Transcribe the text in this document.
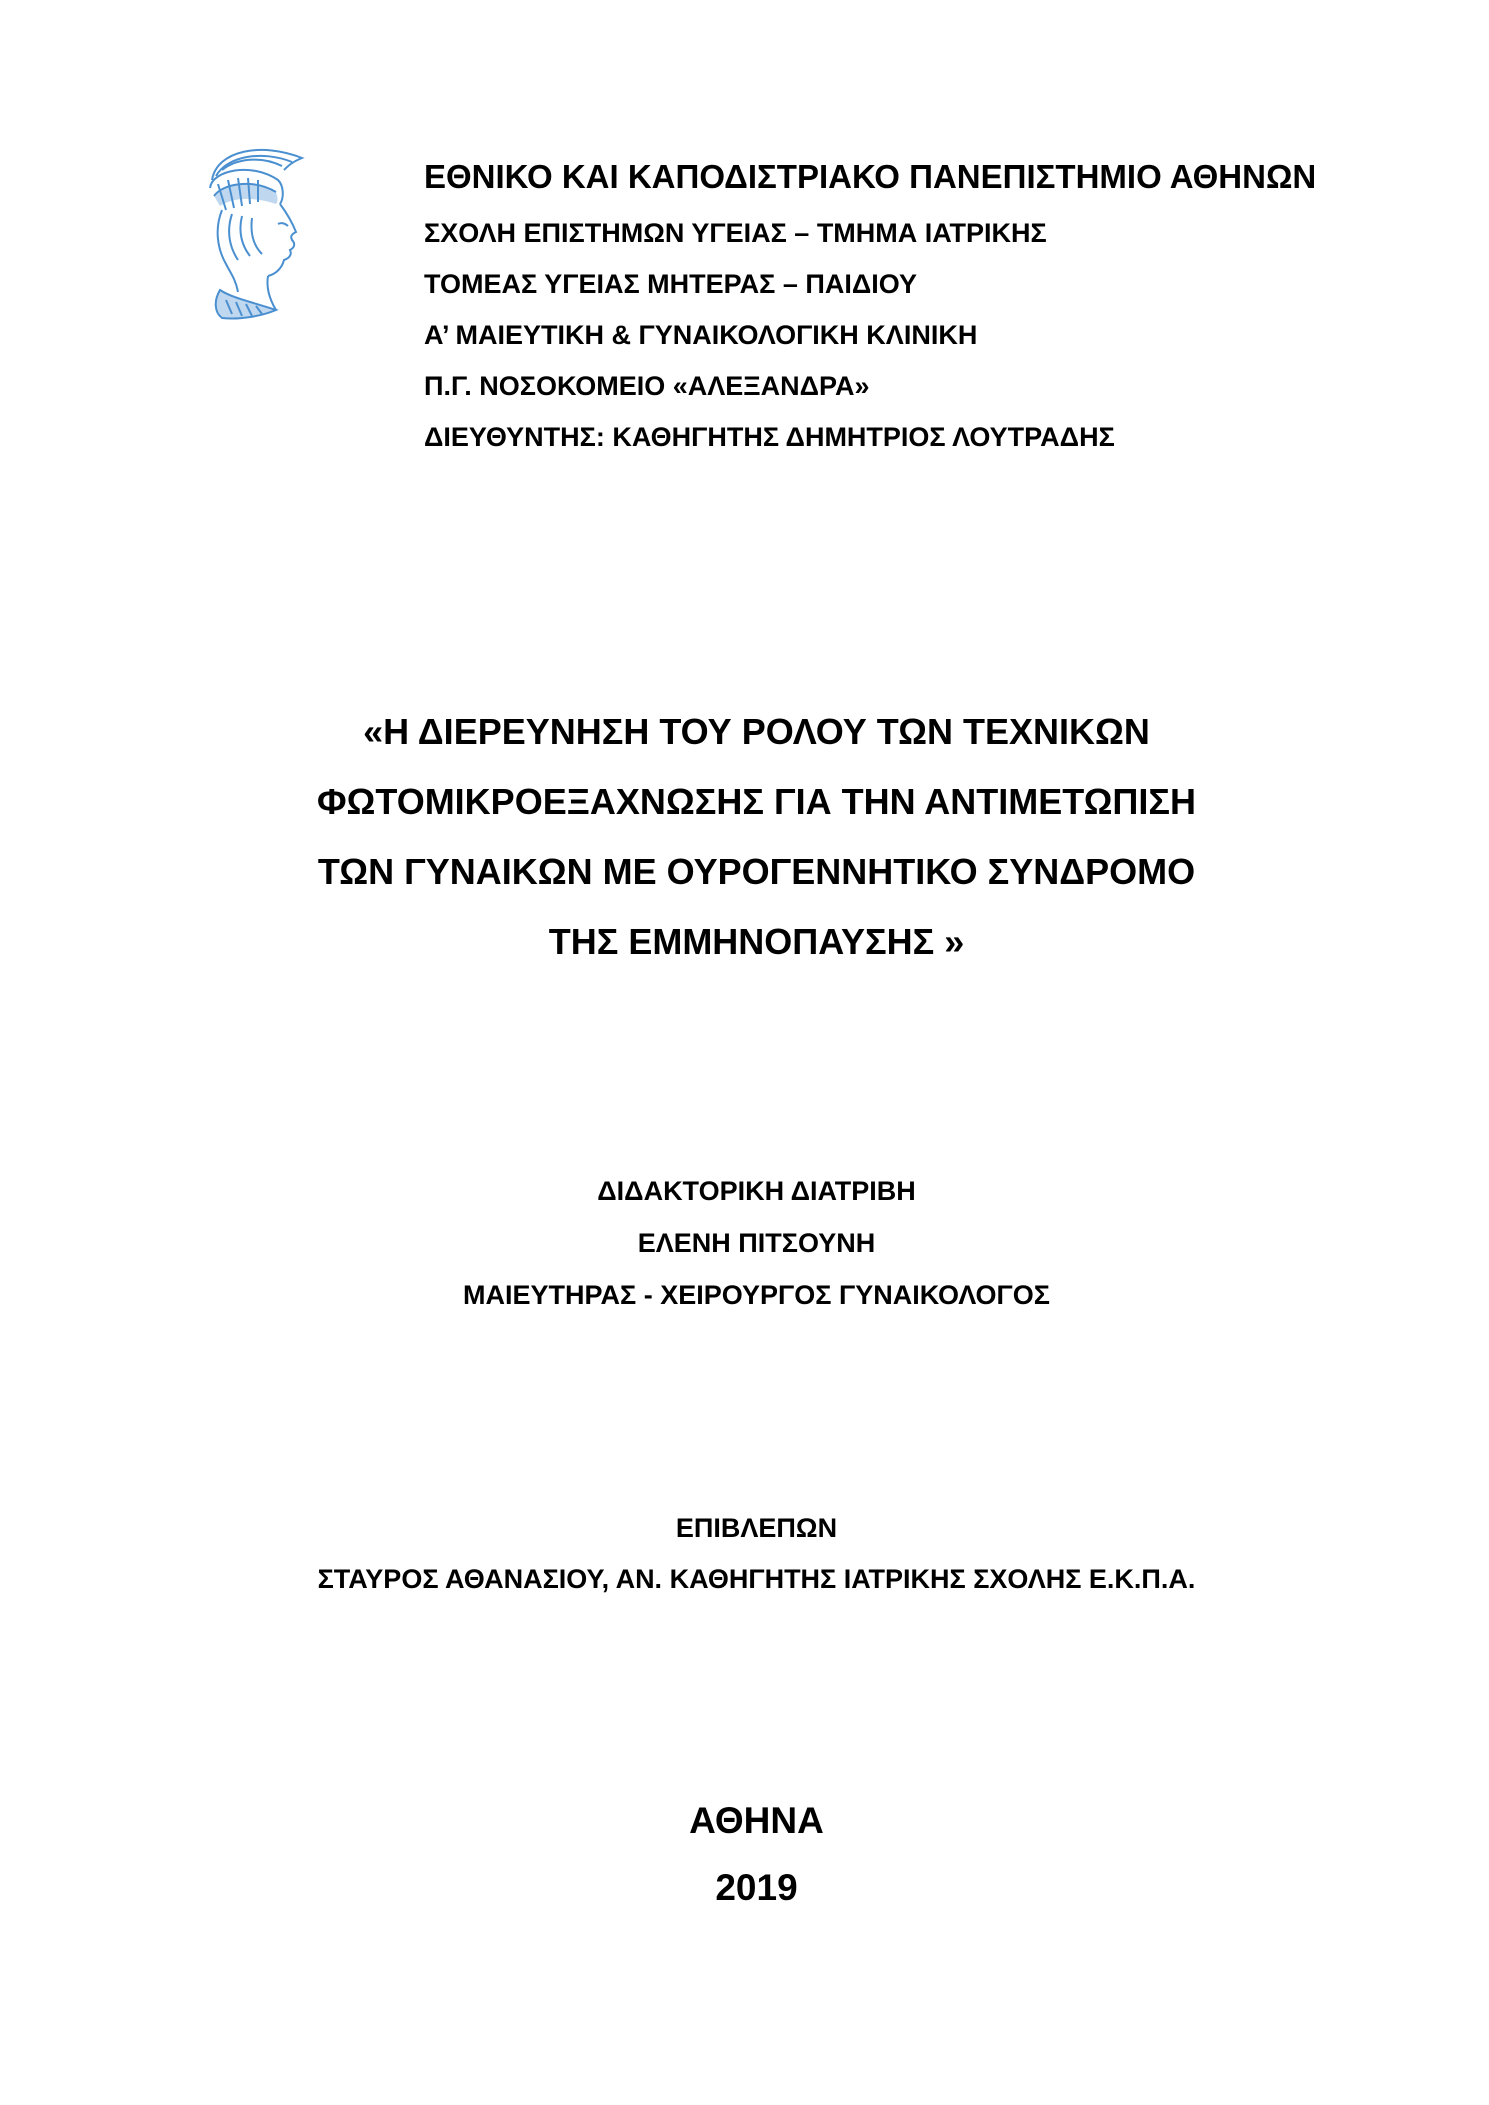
ΕΘΝΙΚΟ ΚΑΙ ΚΑΠΟΔΙΣΤΡΙΑΚΟ ΠΑΝΕΠΙΣΤΗΜΙΟ ΑΘΗΝΩΝ
ΣΧΟΛΗ ΕΠΙΣΤΗΜΩΝ ΥΓΕΙΑΣ – ΤΜΗΜΑ ΙΑΤΡΙΚΗΣ
ΤΟΜΕΑΣ ΥΓΕΙΑΣ ΜΗΤΕΡΑΣ – ΠΑΙΔΙΟΥ
Α’ ΜΑΙΕΥΤΙΚΗ & ΓΥΝΑΙΚΟΛΟΓΙΚΗ ΚΛΙΝΙΚΗ
Π.Γ. ΝΟΣΟΚΟΜΕΙΟ «ΑΛΕΞΑΝΔΡΑ»
ΔΙΕΥΘΥΝΤΗΣ: ΚΑΘΗΓΗΤΗΣ ΔΗΜΗΤΡΙΟΣ ΛΟΥΤΡΑΔΗΣ
«Η ΔΙΕΡΕΥΝΗΣΗ ΤΟΥ ΡΟΛΟΥ ΤΩΝ ΤΕΧΝΙΚΩΝ
ΦΩΤΟΜΙΚΡΟΕΞΑΧΝΩΣΗΣ ΓΙΑ ΤΗΝ ΑΝΤΙΜΕΤΩΠΙΣΗ
ΤΩΝ ΓΥΝΑΙΚΩΝ ΜΕ ΟΥΡΟΓΕΝΝΗΤΙΚΟ ΣΥΝΔΡΟΜΟ
ΤΗΣ ΕΜΜΗΝΟΠΑΥΣΗΣ »
ΔΙΔΑΚΤΟΡΙΚΗ ΔΙΑΤΡΙΒΗ
ΕΛΕΝΗ ΠΙΤΣΟΥΝΗ
ΜΑΙΕΥΤΗΡΑΣ - ΧΕΙΡΟΥΡΓΟΣ ΓΥΝΑΙΚΟΛΟΓΟΣ
ΕΠΙΒΛΕΠΩΝ
ΣΤΑΥΡΟΣ ΑΘΑΝΑΣΙΟΥ, ΑΝ. ΚΑΘΗΓΗΤΗΣ ΙΑΤΡΙΚΗΣ ΣΧΟΛΗΣ Ε.Κ.Π.Α.
ΑΘΗΝΑ
2019
